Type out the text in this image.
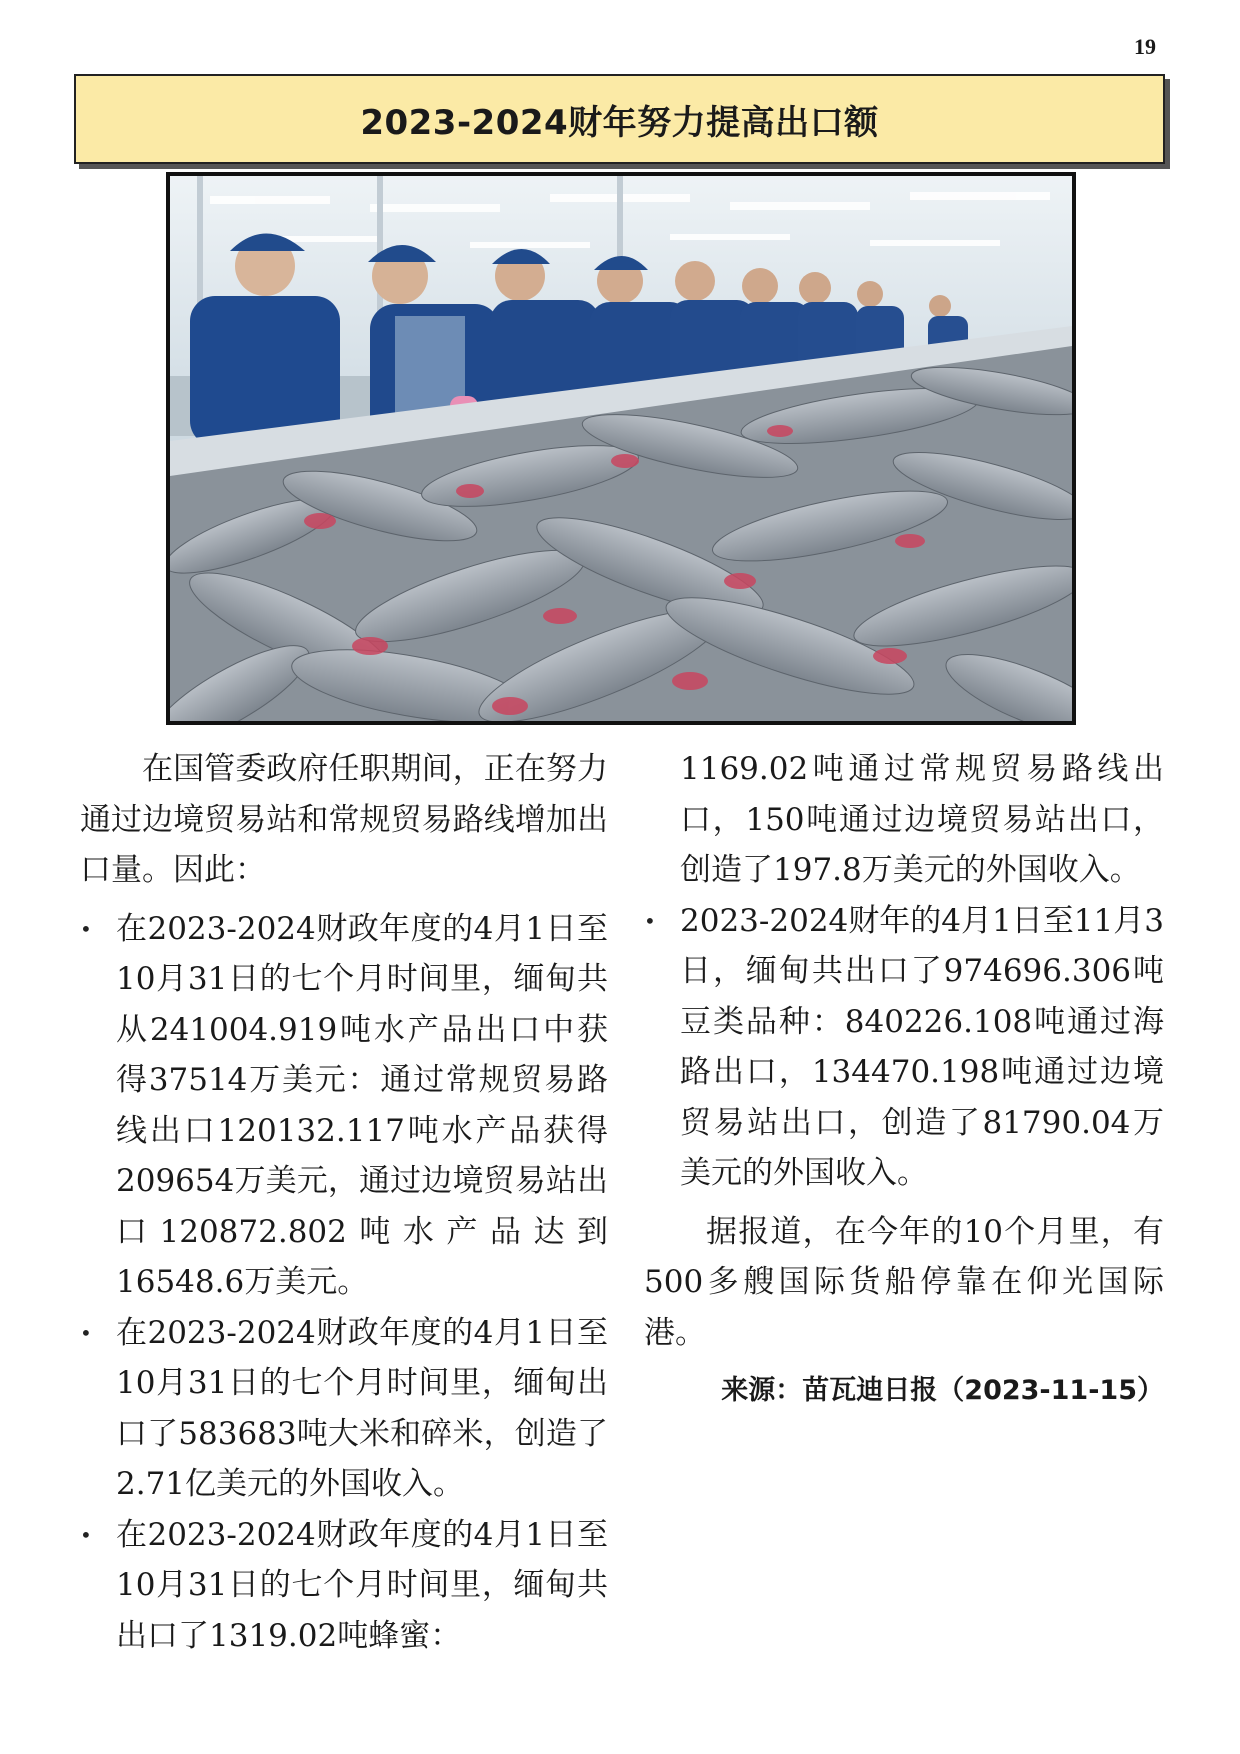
19
2023-2024财年努力提高出口额

在国管委政府任职期间，正在努力通过边境贸易站和常规贸易路线增加出口量。因此：

• 在2023-2024财政年度的4月1日至10月31日的七个月时间里，缅甸共从241004.919吨水产品出口中获得37514万美元：通过常规贸易路线出口120132.117吨水产品获得209654万美元，通过边境贸易站出口120872.802吨水产品达到16548.6万美元。
• 在2023-2024财政年度的4月1日至10月31日的七个月时间里，缅甸出口了583683吨大米和碎米，创造了2.71亿美元的外国收入。
• 在2023-2024财政年度的4月1日至10月31日的七个月时间里，缅甸共出口了1319.02吨蜂蜜：

1169.02吨通过常规贸易路线出口，150吨通过边境贸易站出口，创造了197.8万美元的外国收入。

• 2023-2024财年的4月1日至11月3日，缅甸共出口了974696.306吨豆类品种：840226.108吨通过海路出口，134470.198吨通过边境贸易站出口，创造了81790.04万美元的外国收入。

据报道，在今年的10个月里，有500多艘国际货船停靠在仰光国际港。

来源：苗瓦迪日报（2023-11-15）
